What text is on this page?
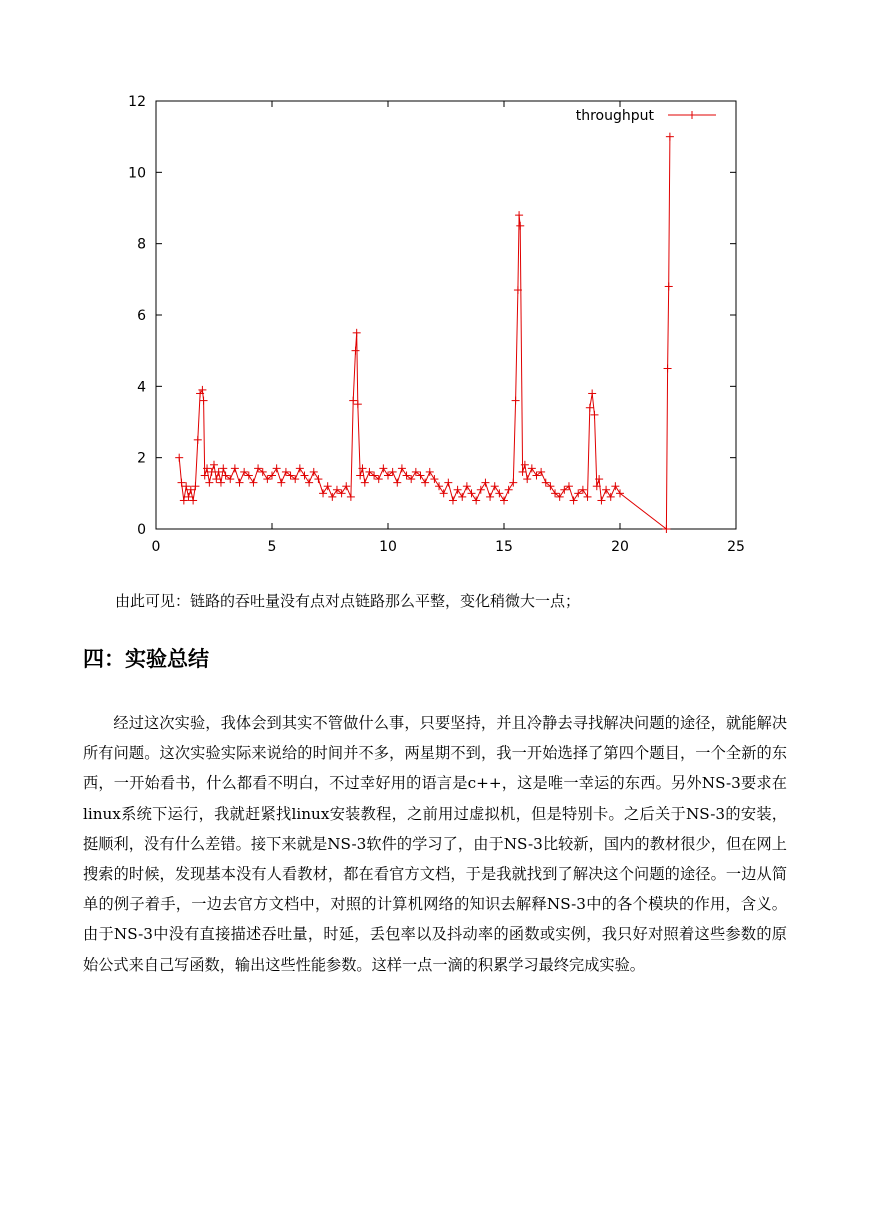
0	5	10	15	20	25
0
2
4
6
8
10
12
throughput

由此可见：链路的吞吐量没有点对点链路那么平整，变化稍微大一点；

四：实验总结

经过这次实验，我体会到其实不管做什么事，只要坚持，并且冷静去寻找解决问题的途径，就能解决所有问题。这次实验实际来说给的时间并不多，两星期不到，我一开始选择了第四个题目，一个全新的东西，一开始看书，什么都看不明白，不过幸好用的语言是c++，这是唯一幸运的东西。另外NS-3要求在linux系统下运行，我就赶紧找linux安装教程，之前用过虚拟机，但是特别卡。之后关于NS-3的安装，挺顺利，没有什么差错。接下来就是NS-3软件的学习了，由于NS-3比较新，国内的教材很少，但在网上搜索的时候，发现基本没有人看教材，都在看官方文档，于是我就找到了解决这个问题的途径。一边从简单的例子着手，一边去官方文档中，对照的计算机网络的知识去解释NS-3中的各个模块的作用，含义。由于NS-3中没有直接描述吞吐量，时延，丢包率以及抖动率的函数或实例，我只好对照着这些参数的原始公式来自己写函数，输出这些性能参数。这样一点一滴的积累学习最终完成实验。
